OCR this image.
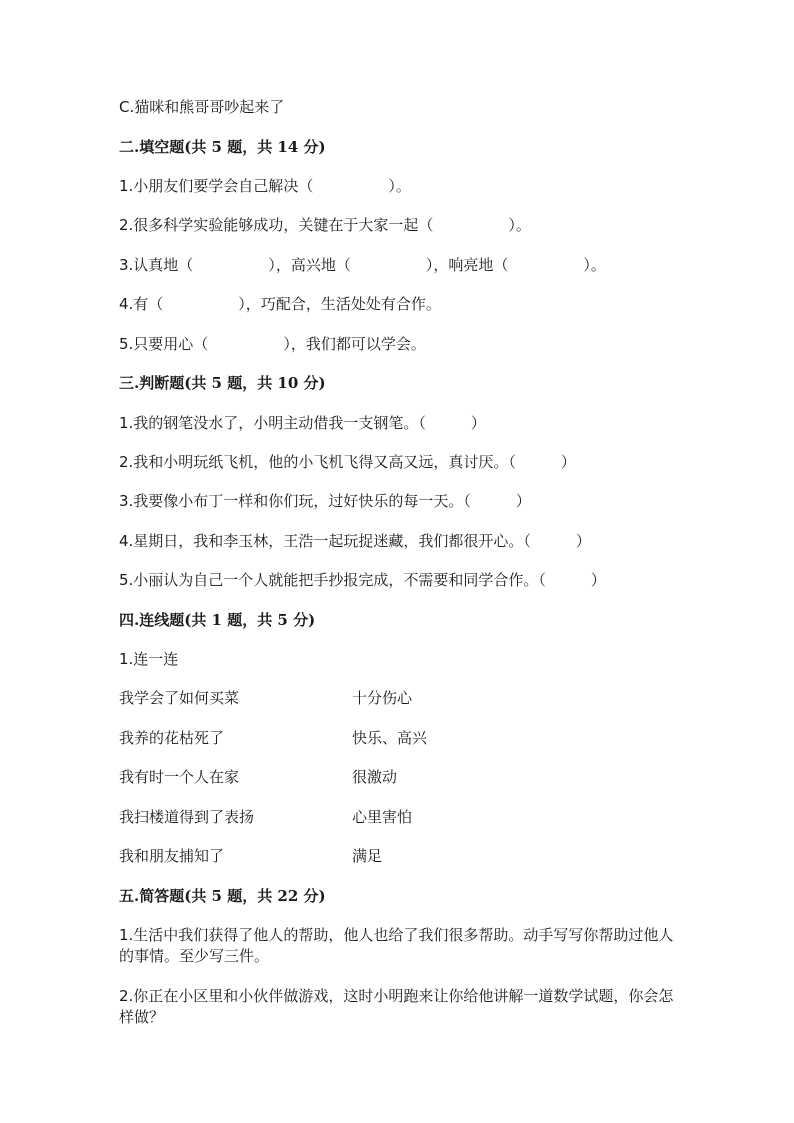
C.猫咪和熊哥哥吵起来了
二.填空题(共 5 题，共 14 分)
1.小朋友们要学会自己解决（　　　　　）。
2.很多科学实验能够成功，关键在于大家一起（　　　　　）。
3.认真地（　　　　　），高兴地（　　　　　），响亮地（　　　　　）。
4.有（　　　　　），巧配合，生活处处有合作。
5.只要用心（　　　　　），我们都可以学会。
三.判断题(共 5 题，共 10 分)
1.我的钢笔没水了，小明主动借我一支钢笔。（　　　）
2.我和小明玩纸飞机，他的小飞机飞得又高又远，真讨厌。（　　　）
3.我要像小布丁一样和你们玩，过好快乐的每一天。（　　　）
4.星期日，我和李玉林，王浩一起玩捉迷藏，我们都很开心。（　　　）
5.小丽认为自己一个人就能把手抄报完成，不需要和同学合作。（　　　）
四.连线题(共 1 题，共 5 分)
1.连一连
我学会了如何买菜	十分伤心
我养的花枯死了	快乐、高兴
我有时一个人在家	很激动
我扫楼道得到了表扬	心里害怕
我和朋友捕知了	满足
五.简答题(共 5 题，共 22 分)
1.生活中我们获得了他人的帮助，他人也给了我们很多帮助。动手写写你帮助过他人的事情。至少写三件。
2.你正在小区里和小伙伴做游戏，这时小明跑来让你给他讲解一道数学试题，你会怎样做？
